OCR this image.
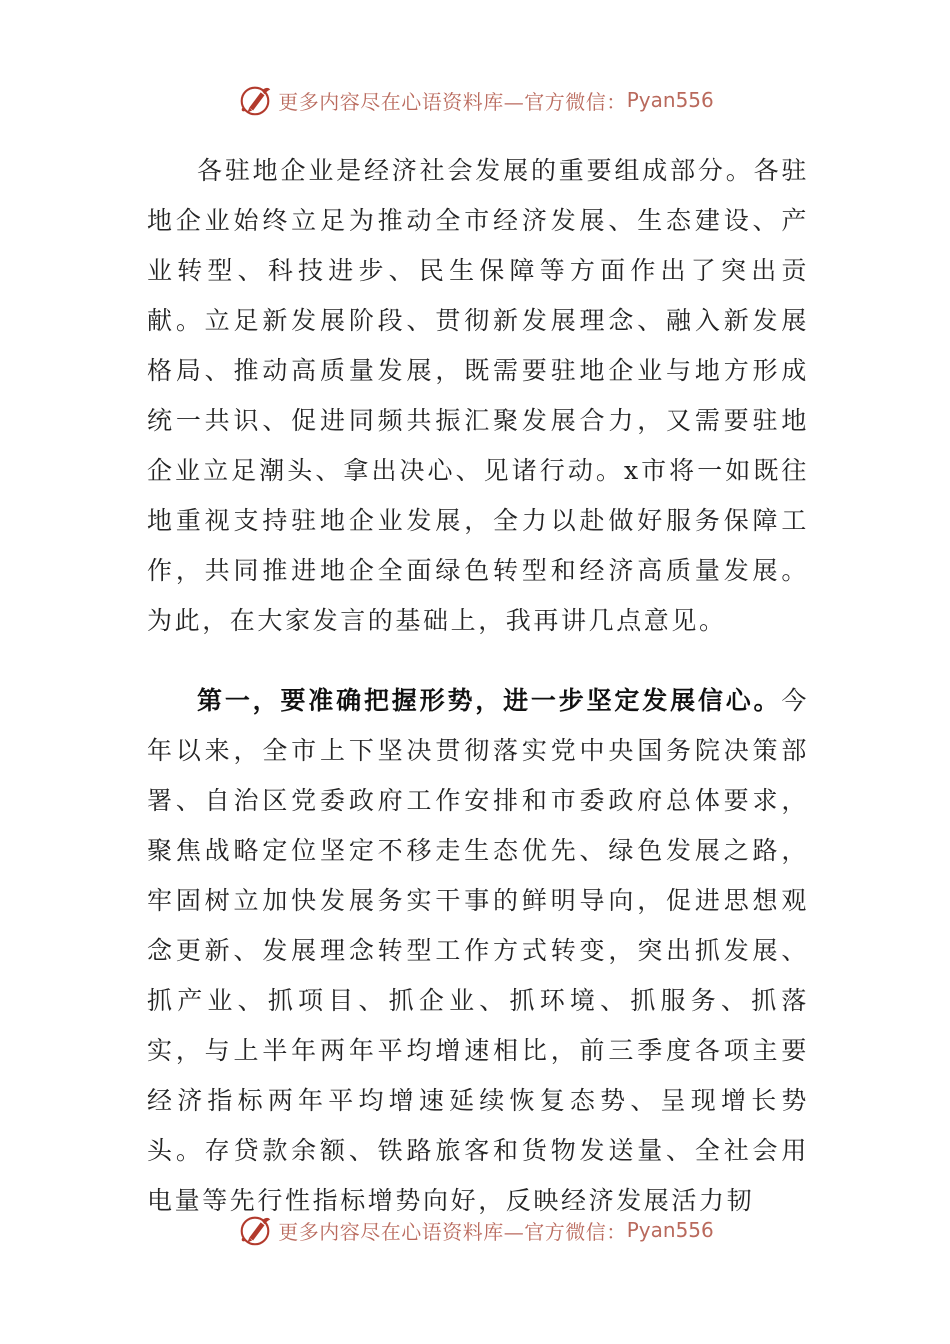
更多内容尽在心语资料库—官方微信： Pyan556

各驻地企业是经济社会发展的重要组成部分。各驻地企业始终立足为推动全市经济发展、生态建设、产业转型、科技进步、民生保障等方面作出了突出贡献。立足新发展阶段、贯彻新发展理念、融入新发展格局、推动高质量发展，既需要驻地企业与地方形成统一共识、促进同频共振汇聚发展合力，又需要驻地企业立足潮头、拿出决心、见诸行动。x市将一如既往地重视支持驻地企业发展，全力以赴做好服务保障工作，共同推进地企全面绿色转型和经济高质量发展。为此，在大家发言的基础上，我再讲几点意见。

第一，要准确把握形势，进一步坚定发展信心。今年以来，全市上下坚决贯彻落实党中央国务院决策部署、自治区党委政府工作安排和市委政府总体要求，聚焦战略定位坚定不移走生态优先、绿色发展之路，牢固树立加快发展务实干事的鲜明导向，促进思想观念更新、发展理念转型工作方式转变，突出抓发展、抓产业、抓项目、抓企业、抓环境、抓服务、抓落实，与上半年两年平均增速相比，前三季度各项主要经济指标两年平均增速延续恢复态势、呈现增长势头。存贷款余额、铁路旅客和货物发送量、全社会用电量等先行性指标增势向好，反映经济发展活力韧

更多内容尽在心语资料库—官方微信： Pyan556
